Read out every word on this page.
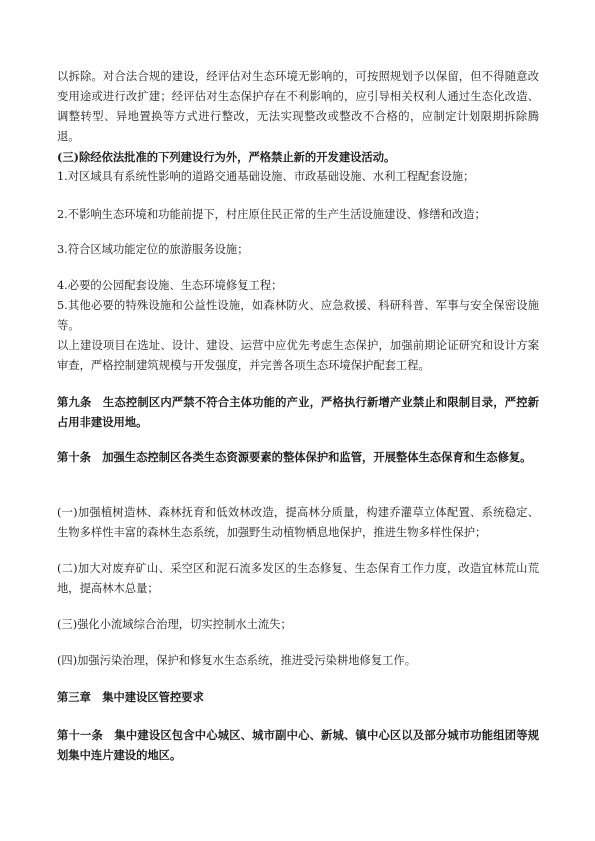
以拆除。对合法合规的建设，经评估对生态环境无影响的，可按照规划予以保留，但不得随意改变用途或进行改扩建；经评估对生态保护存在不利影响的，应引导相关权利人通过生态化改造、调整转型、异地置换等方式进行整改，无法实现整改或整改不合格的，应制定计划限期拆除腾退。

(三)除经依法批准的下列建设行为外，严格禁止新的开发建设活动。

1.对区域具有系统性影响的道路交通基础设施、市政基础设施、水利工程配套设施；

2.不影响生态环境和功能前提下，村庄原住民正常的生产生活设施建设、修缮和改造；

3.符合区域功能定位的旅游服务设施；

4.必要的公园配套设施、生态环境修复工程；

5.其他必要的特殊设施和公益性设施，如森林防火、应急救援、科研科普、军事与安全保密设施等。

以上建设项目在选址、设计、建设、运营中应优先考虑生态保护，加强前期论证研究和设计方案审查，严格控制建筑规模与开发强度，并完善各项生态环境保护配套工程。

第九条　生态控制区内严禁不符合主体功能的产业，严格执行新增产业禁止和限制目录，严控新占用非建设用地。

第十条　加强生态控制区各类生态资源要素的整体保护和监管，开展整体生态保育和生态修复。

(一)加强植树造林、森林抚育和低效林改造，提高林分质量，构建乔灌草立体配置、系统稳定、生物多样性丰富的森林生态系统，加强野生动植物栖息地保护，推进生物多样性保护；

(二)加大对废弃矿山、采空区和泥石流多发区的生态修复、生态保育工作力度，改造宜林荒山荒地，提高林木总量；

(三)强化小流域综合治理，切实控制水土流失；

(四)加强污染治理，保护和修复水生态系统，推进受污染耕地修复工作。

第三章　集中建设区管控要求

第十一条　集中建设区包含中心城区、城市副中心、新城、镇中心区以及部分城市功能组团等规划集中连片建设的地区。
